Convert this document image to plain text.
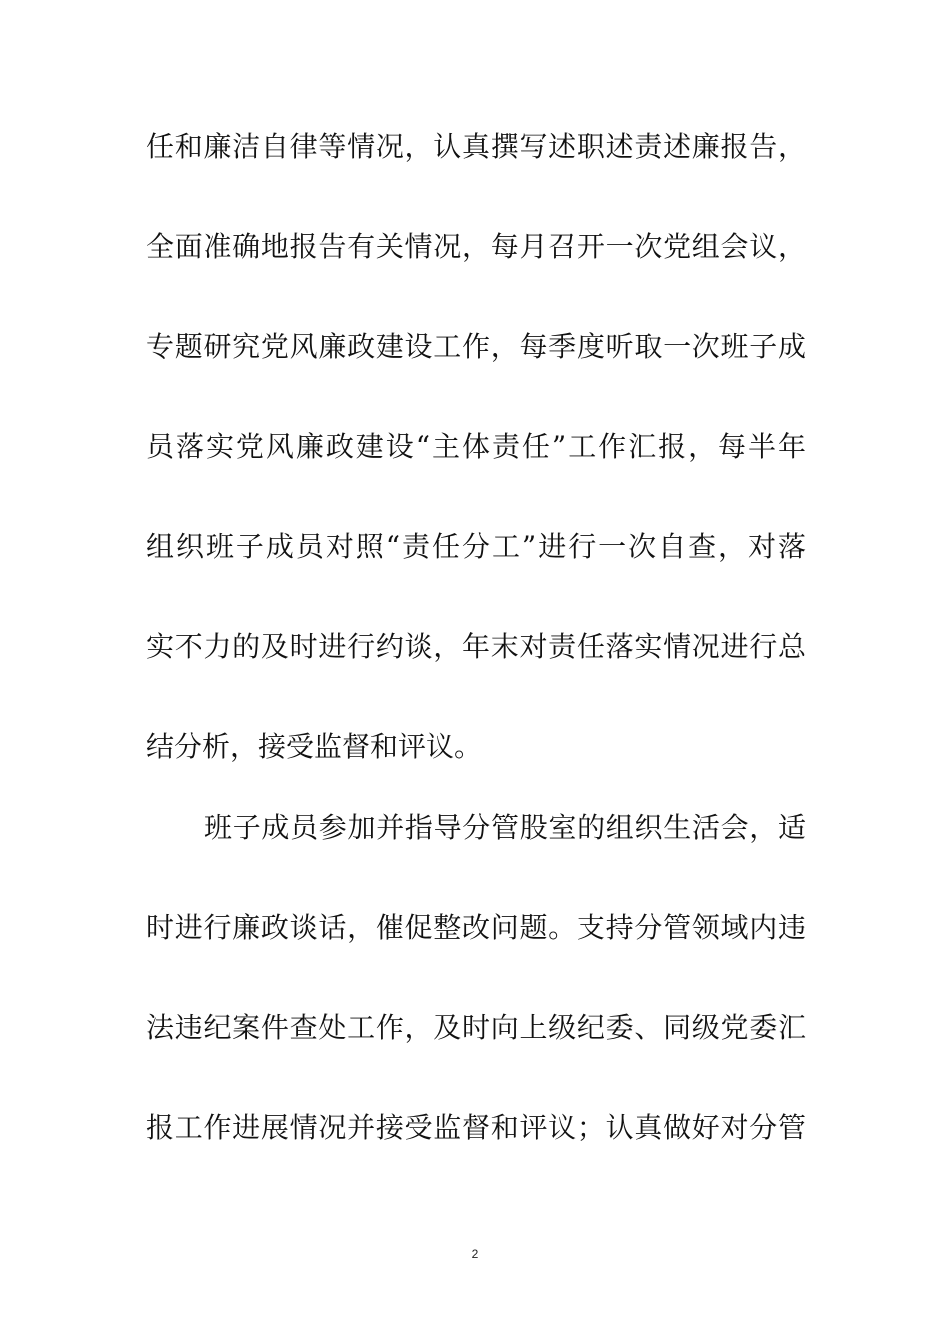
任和廉洁自律等情况，认真撰写述职述责述廉报告，
全面准确地报告有关情况，每月召开一次党组会议，
专题研究党风廉政建设工作，每季度听取一次班子成
员落实党风廉政建设“主体责任”工作汇报，每半年
组织班子成员对照“责任分工”进行一次自查，对落
实不力的及时进行约谈，年末对责任落实情况进行总
结分析，接受监督和评议。
班子成员参加并指导分管股室的组织生活会，适
时进行廉政谈话，催促整改问题。支持分管领域内违
法违纪案件查处工作，及时向上级纪委、同级党委汇
报工作进展情况并接受监督和评议；认真做好对分管
2
